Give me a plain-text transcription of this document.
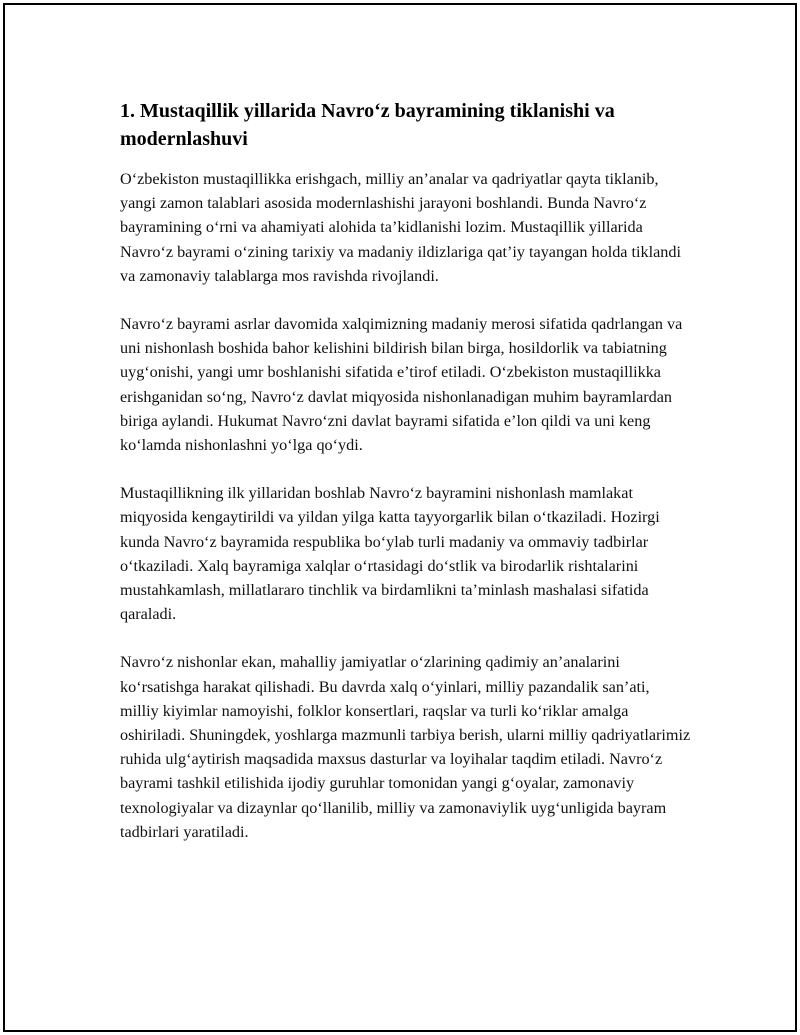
1. Mustaqillik yillarida Navro‘z bayramining tiklanishi va modernlashuvi

O‘zbekiston mustaqillikka erishgach, milliy an’analar va qadriyatlar qayta tiklanib, yangi zamon talablari asosida modernlashishi jarayoni boshlandi. Bunda Navro‘z bayramining o‘rni va ahamiyati alohida ta’kidlanishi lozim. Mustaqillik yillarida Navro‘z bayrami o‘zining tarixiy va madaniy ildizlariga qat’iy tayangan holda tiklandi va zamonaviy talablarga mos ravishda rivojlandi.

Navro‘z bayrami asrlar davomida xalqimizning madaniy merosi sifatida qadrlangan va uni nishonlash boshida bahor kelishini bildirish bilan birga, hosildorlik va tabiatning uyg‘onishi, yangi umr boshlanishi sifatida e’tirof etiladi. O‘zbekiston mustaqillikka erishganidan so‘ng, Navro‘z davlat miqyosida nishonlanadigan muhim bayramlardan biriga aylandi. Hukumat Navro‘zni davlat bayrami sifatida e’lon qildi va uni keng ko‘lamda nishonlashni yo‘lga qo‘ydi.

Mustaqillikning ilk yillaridan boshlab Navro‘z bayramini nishonlash mamlakat miqyosida kengaytirildi va yildan yilga katta tayyorgarlik bilan o‘tkaziladi. Hozirgi kunda Navro‘z bayramida respublika bo‘ylab turli madaniy va ommaviy tadbirlar o‘tkaziladi. Xalq bayramiga xalqlar o‘rtasidagi do‘stlik va birodarlik rishtalarini mustahkamlash, millatlararo tinchlik va birdamlikni ta’minlash mashalasi sifatida qaraladi.

Navro‘z nishonlar ekan, mahalliy jamiyatlar o‘zlarining qadimiy an’analarini ko‘rsatishga harakat qilishadi. Bu davrda xalq o‘yinlari, milliy pazandalik san’ati, milliy kiyimlar namoyishi, folklor konsertlari, raqslar va turli ko‘riklar amalga oshiriladi. Shuningdek, yoshlarga mazmunli tarbiya berish, ularni milliy qadriyatlarimiz ruhida ulg‘aytirish maqsadida maxsus dasturlar va loyihalar taqdim etiladi. Navro‘z bayrami tashkil etilishida ijodiy guruhlar tomonidan yangi g‘oyalar, zamonaviy texnologiyalar va dizaynlar qo‘llanilib, milliy va zamonaviylik uyg‘unligida bayram tadbirlari yaratiladi.
